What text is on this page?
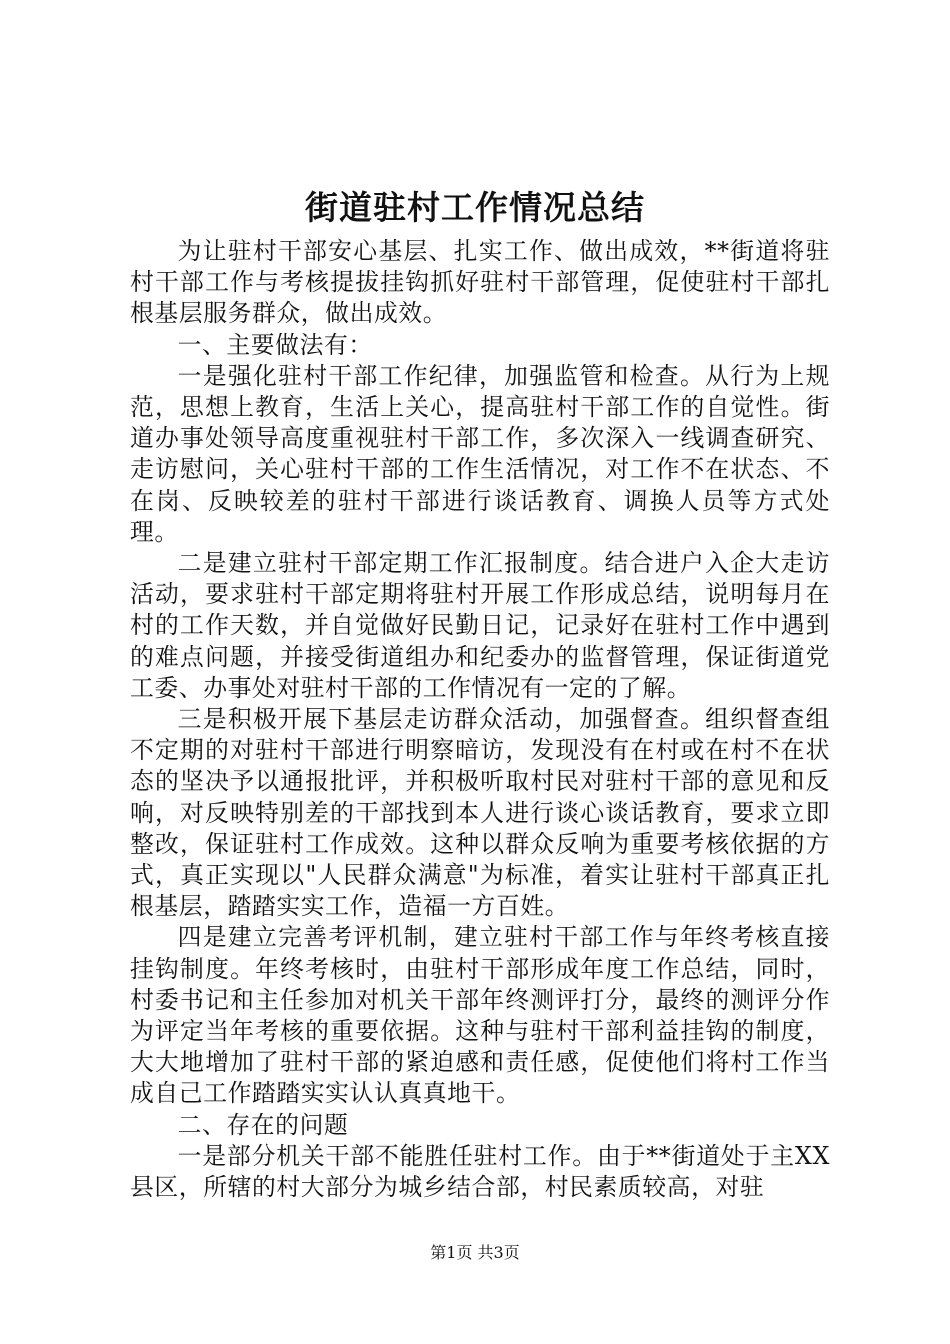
街道驻村工作情况总结

为让驻村干部安心基层、扎实工作、做出成效，**街道将驻村干部工作与考核提拔挂钩抓好驻村干部管理，促使驻村干部扎根基层服务群众，做出成效。

一、主要做法有：

一是强化驻村干部工作纪律，加强监管和检查。从行为上规范，思想上教育，生活上关心，提高驻村干部工作的自觉性。街道办事处领导高度重视驻村干部工作，多次深入一线调查研究、走访慰问，关心驻村干部的工作生活情况，对工作不在状态、不在岗、反映较差的驻村干部进行谈话教育、调换人员等方式处理。

二是建立驻村干部定期工作汇报制度。结合进户入企大走访活动，要求驻村干部定期将驻村开展工作形成总结，说明每月在村的工作天数，并自觉做好民勤日记，记录好在驻村工作中遇到的难点问题，并接受街道组办和纪委办的监督管理，保证街道党工委、办事处对驻村干部的工作情况有一定的了解。

三是积极开展下基层走访群众活动，加强督查。组织督查组不定期的对驻村干部进行明察暗访，发现没有在村或在村不在状态的坚决予以通报批评，并积极听取村民对驻村干部的意见和反响，对反映特别差的干部找到本人进行谈心谈话教育，要求立即整改，保证驻村工作成效。这种以群众反响为重要考核依据的方式，真正实现以"人民群众满意"为标准，着实让驻村干部真正扎根基层，踏踏实实工作，造福一方百姓。

四是建立完善考评机制，建立驻村干部工作与年终考核直接挂钩制度。年终考核时，由驻村干部形成年度工作总结，同时，村委书记和主任参加对机关干部年终测评打分，最终的测评分作为评定当年考核的重要依据。这种与驻村干部利益挂钩的制度，大大地增加了驻村干部的紧迫感和责任感，促使他们将村工作当成自己工作踏踏实实认认真真地干。

二、存在的问题

一是部分机关干部不能胜任驻村工作。由于**街道处于主XX县区，所辖的村大部分为城乡结合部，村民素质较高，对驻

第1页 共3页
